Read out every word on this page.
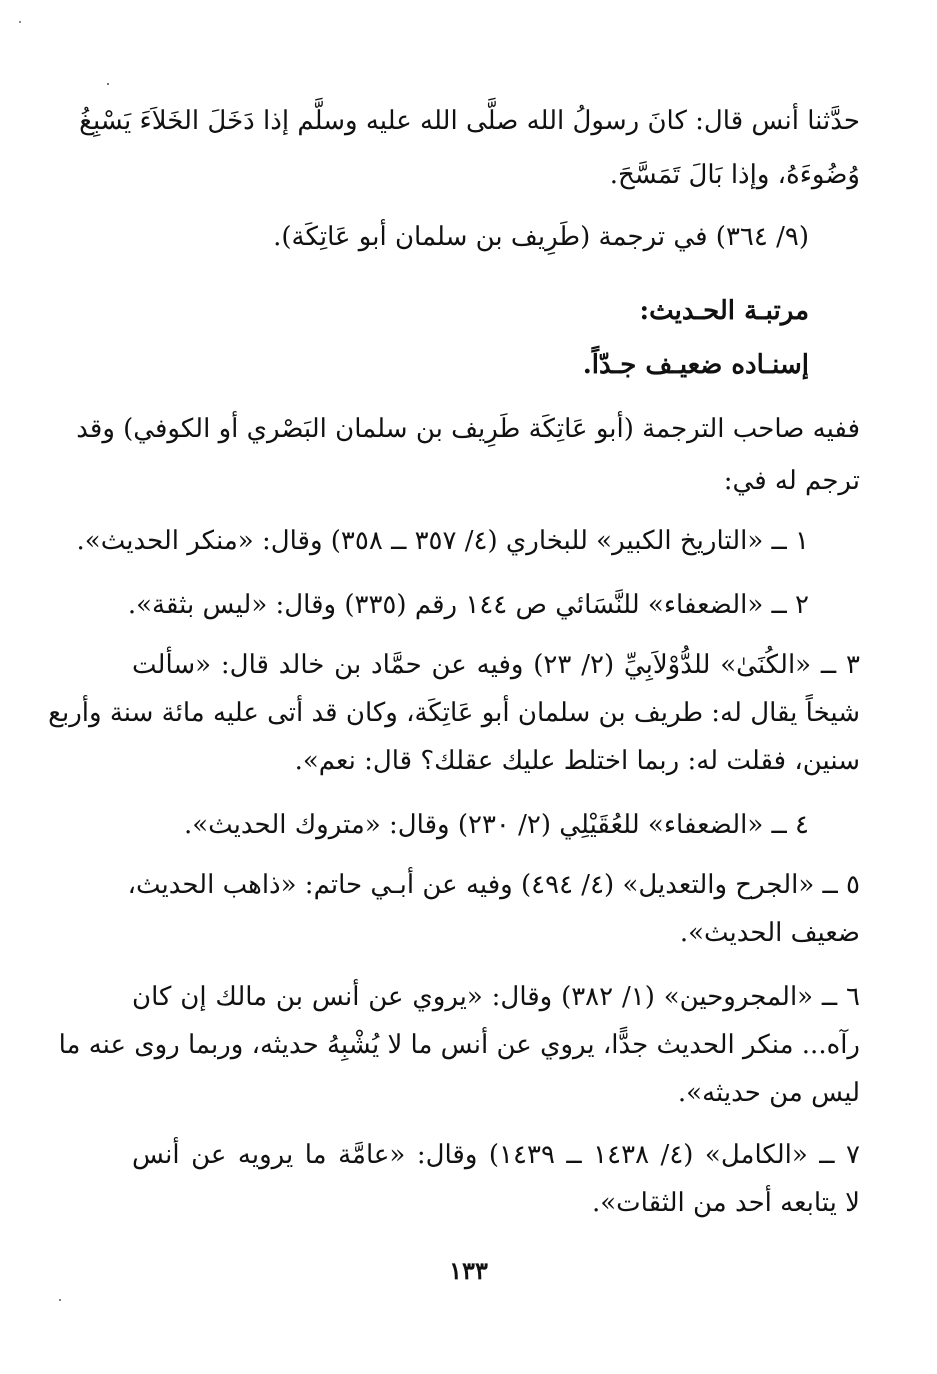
حدَّثنا أنس قال: كانَ رسولُ الله صلَّى الله عليه وسلَّم إذا دَخَلَ الخَلاَءَ يَسْبِغُ
وُضُوءَهُ، وإذا بَالَ تَمَسَّحَ.
(٩/ ٣٦٤) في ترجمة (طَرِيف بن سلمان أبو عَاتِكَة).
مرتبـة الحـديث:
إسنـاده ضعيـف جـدّاً.
ففيه صاحب الترجمة (أبو عَاتِكَة طَرِيف بن سلمان البَصْري أو الكوفي) وقد
ترجم له في:
١ ــ «التاريخ الكبير» للبخاري (٤/ ٣٥٧ ــ ٣٥٨) وقال: «منكر الحديث».
٢ ــ «الضعفاء» للنَّسَائي ص ١٤٤ رقم (٣٣٥) وقال: «ليس بثقة».
٣ ــ «الكُنَىٰ» للدُّوْلاَبِيِّ (٢/ ٢٣) وفيه عن حمَّاد بن خالد قال: «سألت
شيخاً يقال له: طريف بن سلمان أبو عَاتِكَة، وكان قد أتى عليه مائة سنة وأربع
سنين، فقلت له: ربما اختلط عليك عقلك؟ قال: نعم».
٤ ــ «الضعفاء» للعُقَيْلِي (٢/ ٢٣٠) وقال: «متروك الحديث».
٥ ــ «الجرح والتعديل» (٤/ ٤٩٤) وفيه عن أبـي حاتم: «ذاهب الحديث،
ضعيف الحديث».
٦ ــ «المجروحين» (١/ ٣٨٢) وقال: «يروي عن أنس بن مالك إن كان
رآه... منكر الحديث جدًّا، يروي عن أنس ما لا يُشْبِهُ حديثه، وربما روى عنه ما
ليس من حديثه».
٧ ــ «الكامل» (٤/ ١٤٣٨ ــ ١٤٣٩) وقال: «عامَّة ما يرويه عن أنس
لا يتابعه أحد من الثقات».
١٣٣
